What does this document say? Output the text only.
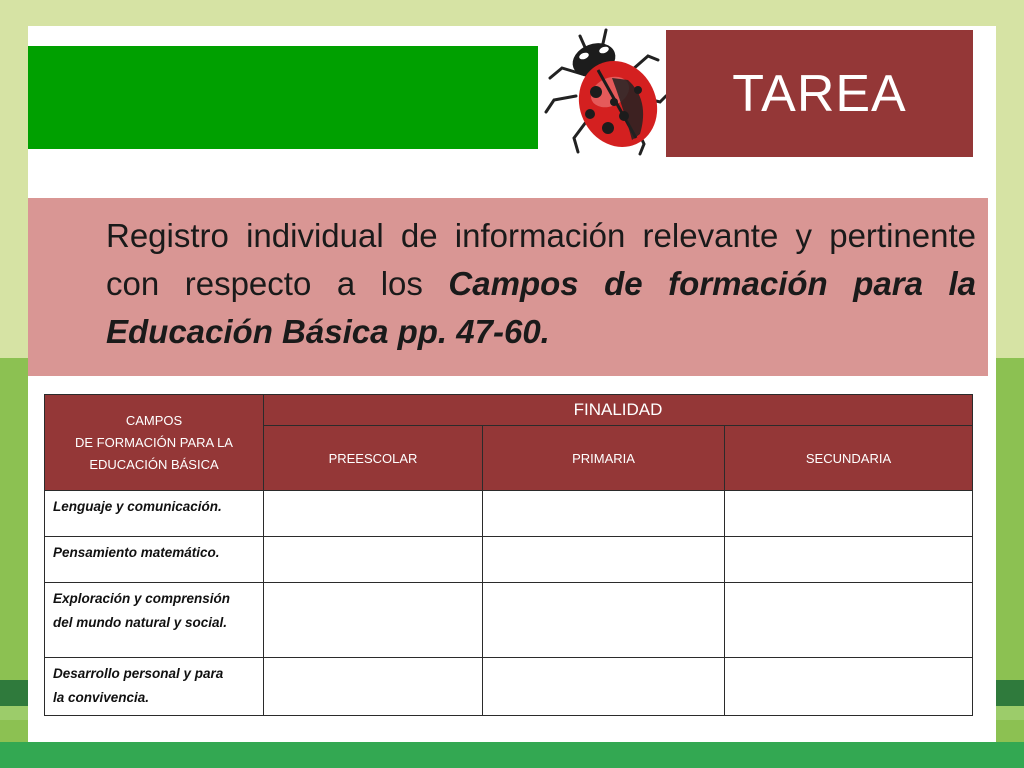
TAREA
Registro individual de información relevante y pertinente con respecto a los Campos de formación para la Educación Básica pp. 47-60.
CAMPOS
DE FORMACIÓN PARA LA
EDUCACIÓN BÁSICA	FINALIDAD		
	PREESCOLAR	PRIMARIA	SECUNDARIA

Lenguaje y comunicación.			

Pensamiento matemático.			

Exploración y comprensión
del mundo natural y social.			

Desarrollo personal y para
la convivencia.			
